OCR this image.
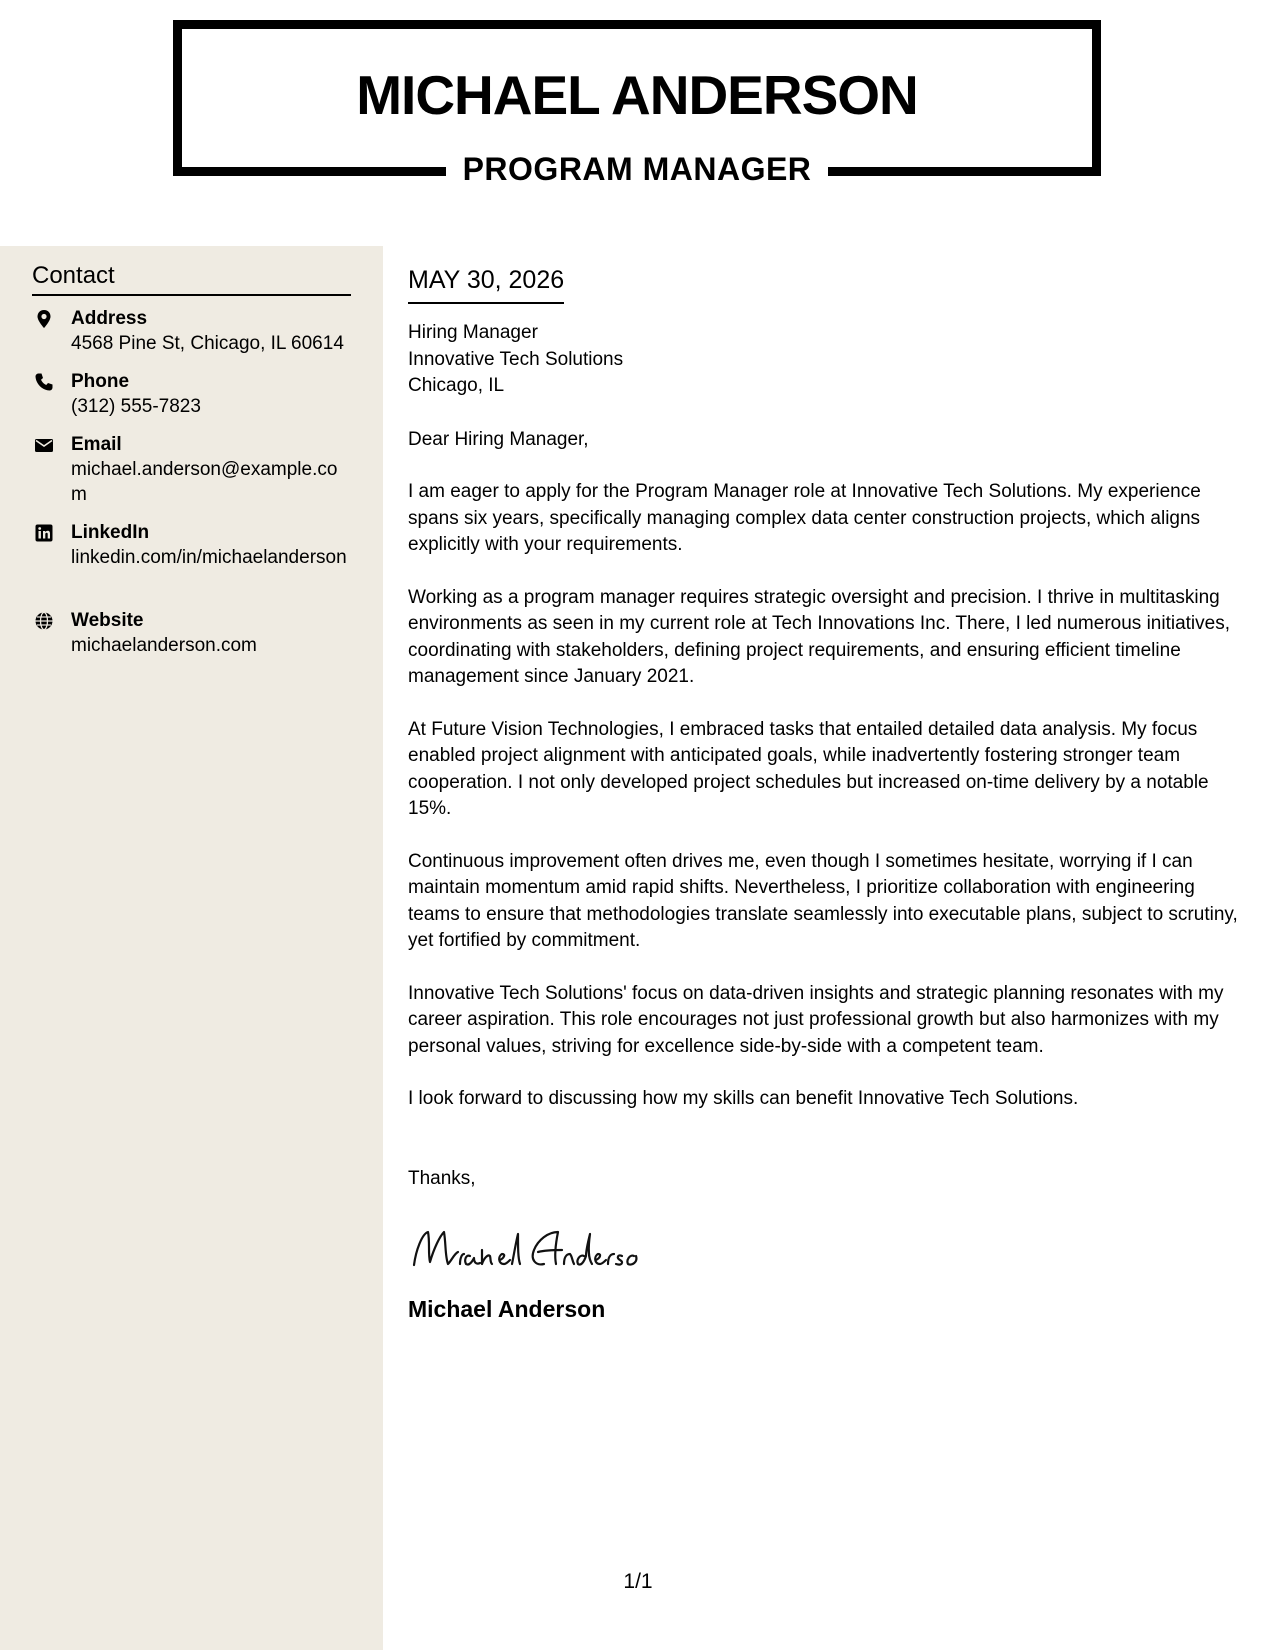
MICHAEL ANDERSON
PROGRAM MANAGER
Contact
Address
4568 Pine St, Chicago, IL 60614
Phone
(312) 555-7823
Email
michael.anderson@example.com
LinkedIn
linkedin.com/in/michaelanderson
Website
michaelanderson.com
MAY 30, 2026
Hiring Manager
Innovative Tech Solutions
Chicago, IL
Dear Hiring Manager,
I am eager to apply for the Program Manager role at Innovative Tech Solutions. My experience spans six years, specifically managing complex data center construction projects, which aligns explicitly with your requirements.
Working as a program manager requires strategic oversight and precision. I thrive in multitasking environments as seen in my current role at Tech Innovations Inc. There, I led numerous initiatives, coordinating with stakeholders, defining project requirements, and ensuring efficient timeline management since January 2021.
At Future Vision Technologies, I embraced tasks that entailed detailed data analysis. My focus enabled project alignment with anticipated goals, while inadvertently fostering stronger team cooperation. I not only developed project schedules but increased on-time delivery by a notable 15%.
Continuous improvement often drives me, even though I sometimes hesitate, worrying if I can maintain momentum amid rapid shifts. Nevertheless, I prioritize collaboration with engineering teams to ensure that methodologies translate seamlessly into executable plans, subject to scrutiny, yet fortified by commitment.
Innovative Tech Solutions' focus on data-driven insights and strategic planning resonates with my career aspiration. This role encourages not just professional growth but also harmonizes with my personal values, striving for excellence side-by-side with a competent team.
I look forward to discussing how my skills can benefit Innovative Tech Solutions.
Thanks,
Michael Anderson
1/1
